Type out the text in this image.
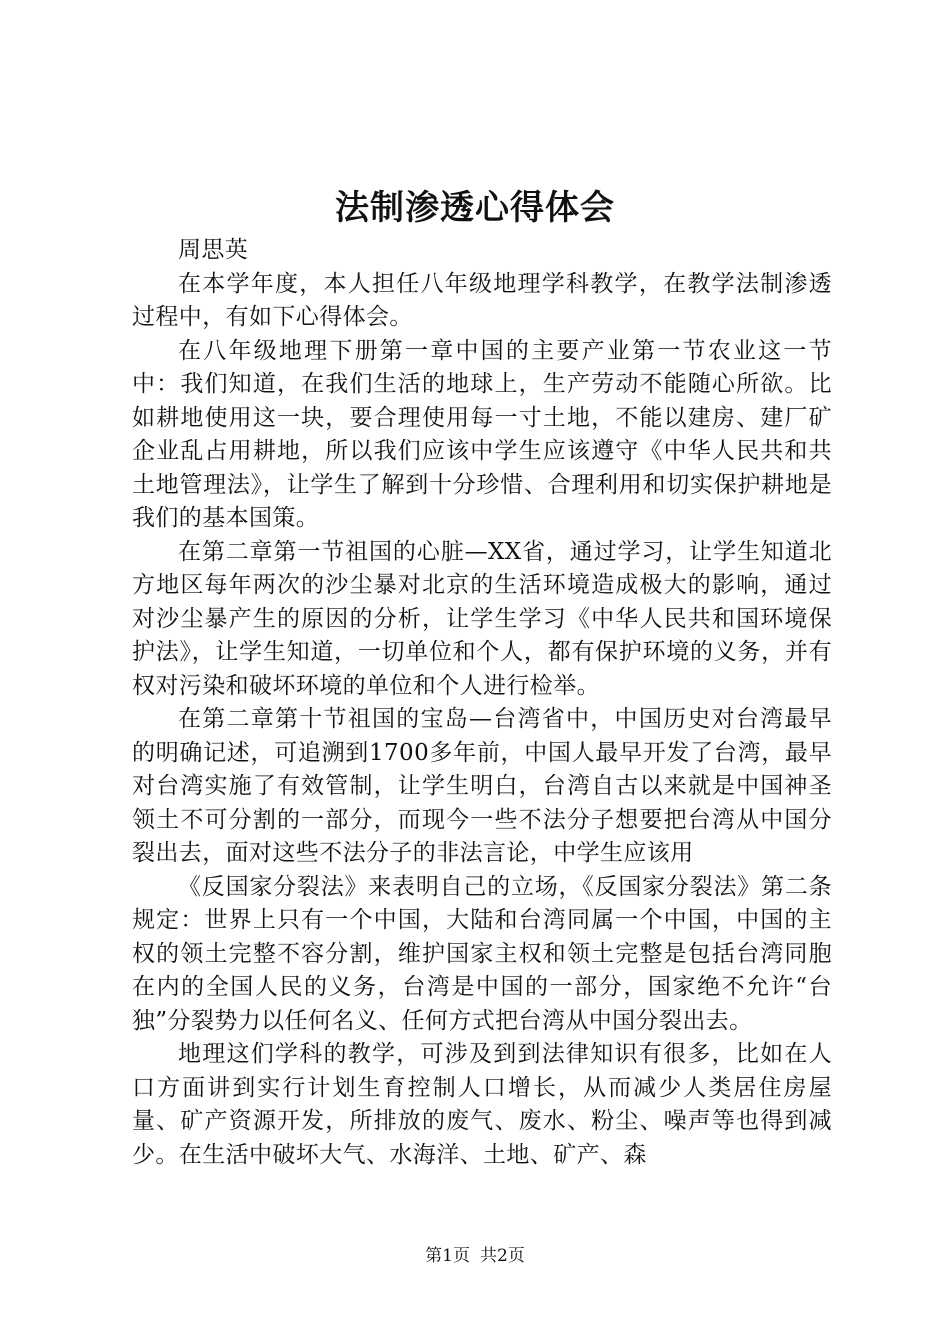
法制渗透心得体会

周思英

在本学年度，本人担任八年级地理学科教学，在教学法制渗透过程中，有如下心得体会。

在八年级地理下册第一章中国的主要产业第一节农业这一节中：我们知道，在我们生活的地球上，生产劳动不能随心所欲。比如耕地使用这一块，要合理使用每一寸土地，不能以建房、建厂矿企业乱占用耕地，所以我们应该中学生应该遵守《中华人民共和共土地管理法》，让学生了解到十分珍惜、合理利用和切实保护耕地是我们的基本国策。

在第二章第一节祖国的心脏—XX省，通过学习，让学生知道北方地区每年两次的沙尘暴对北京的生活环境造成极大的影响，通过对沙尘暴产生的原因的分析，让学生学习《中华人民共和国环境保护法》，让学生知道，一切单位和个人，都有保护环境的义务，并有权对污染和破坏环境的单位和个人进行检举。

在第二章第十节祖国的宝岛—台湾省中，中国历史对台湾最早的明确记述，可追溯到1700多年前，中国人最早开发了台湾，最早对台湾实施了有效管制，让学生明白，台湾自古以来就是中国神圣领土不可分割的一部分，而现今一些不法分子想要把台湾从中国分裂出去，面对这些不法分子的非法言论，中学生应该用

《反国家分裂法》来表明自己的立场，《反国家分裂法》第二条规定：世界上只有一个中国，大陆和台湾同属一个中国，中国的主权的领土完整不容分割，维护国家主权和领土完整是包括台湾同胞在内的全国人民的义务，台湾是中国的一部分，国家绝不允许“台独”分裂势力以任何名义、任何方式把台湾从中国分裂出去。

地理这们学科的教学，可涉及到到法律知识有很多，比如在人口方面讲到实行计划生育控制人口增长，从而减少人类居住房屋量、矿产资源开发，所排放的废气、废水、粉尘、噪声等也得到减少。在生活中破坏大气、水海洋、土地、矿产、森

第1页 共2页
